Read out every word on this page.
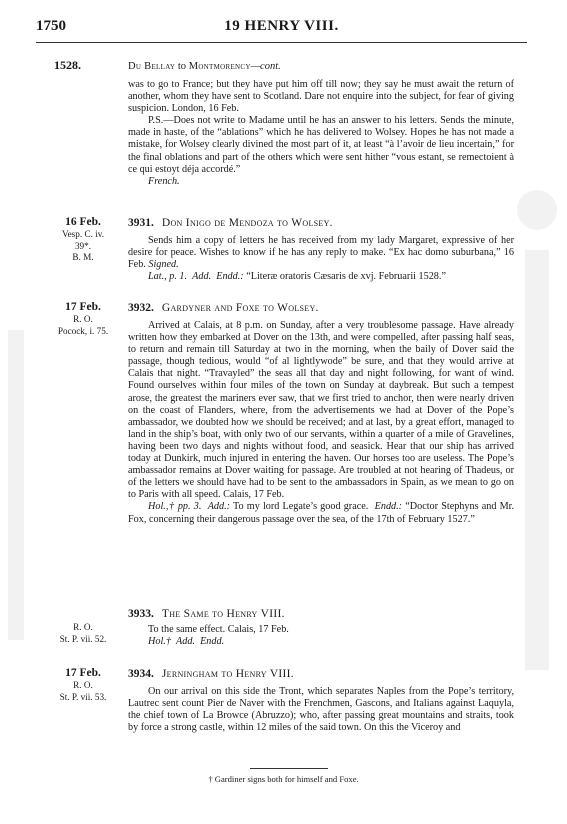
1750	19 HENRY VIII.
1528.	Du Bellay to Montmorency—cont.

was to go to France; but they have put him off till now; they say he must await the return of another, whom they have sent to Scotland. Dare not enquire into the subject, for fear of giving suspicion. London, 16 Feb.

P.S.—Does not write to Madame until he has an answer to his letters. Sends the minute, made in haste, of the “ablations” which he has delivered to Wolsey. Hopes he has not made a mistake, for Wolsey clearly divined the most part of it, at least “à l’avoir de lieu incertain,” for the final oblations and part of the others which were sent hither “vous estant, se remectoient à ce qui estoyt déja accordé.”

French.

16 Feb.
Vesp. C. iv.
39*.
B. M.
3931. Don Inigo de Mendoza to Wolsey.

Sends him a copy of letters he has received from my lady Margaret, expressive of her desire for peace. Wishes to know if he has any reply to make. “Ex hac domo suburbana,” 16 Feb. Signed.

Lat., p. 1. Add. Endd.: “Literæ oratoris Cæsaris de xvj. Februarii 1528.”

17 Feb.
R. O.
Pocock, i. 75.
3932. Gardyner and Foxe to Wolsey.

Arrived at Calais, at 8 p.m. on Sunday, after a very troublesome passage. Have already written how they embarked at Dover on the 13th, and were compelled, after passing half seas, to return and remain till Saturday at two in the morning, when the baily of Dover said the passage, though tedious, would “of al lightlywode” be sure, and that they would arrive at Calais that night. “Travayled” the seas all that day and night following, for want of wind. Found ourselves within four miles of the town on Sunday at daybreak. But such a tempest arose, the greatest the mariners ever saw, that we first tried to anchor, then were nearly driven on the coast of Flanders, where, from the advertisements we had at Dover of the Pope’s ambassador, we doubted how we should be received; and at last, by a great effort, managed to land in the ship’s boat, with only two of our servants, within a quarter of a mile of Gravelines, having been two days and nights without food, and seasick. Hear that our ship has arrived today at Dunkirk, much injured in entering the haven. Our horses too are useless. The Pope’s ambassador remains at Dover waiting for passage. Are troubled at not hearing of Thadeus, or of the letters we should have had to be sent to the ambassadors in Spain, as we mean to go on to Paris with all speed. Calais, 17 Feb.

Hol.,† pp. 3. Add.: To my lord Legate’s good grace. Endd.: “Doctor Stephyns and Mr. Fox, concerning their dangerous passage over the sea, of the 17th of February 1527.”

R. O.
St. P. vii. 52.
3933. The Same to Henry VIII.

To the same effect. Calais, 17 Feb.

Hol.† Add. Endd.

17 Feb.
R. O.
St. P. vii. 53.
3934. Jerningham to Henry VIII.

On our arrival on this side the Tront, which separates Naples from the Pope’s territory, Lautrec sent count Pier de Naver with the Frenchmen, Gascons, and Italians against Laquyla, the chief town of La Browce (Abruzzo); who, after passing great mountains and straits, took by force a strong castle, within 12 miles of the said town. On this the Viceroy and

† Gardiner signs both for himself and Foxe.
